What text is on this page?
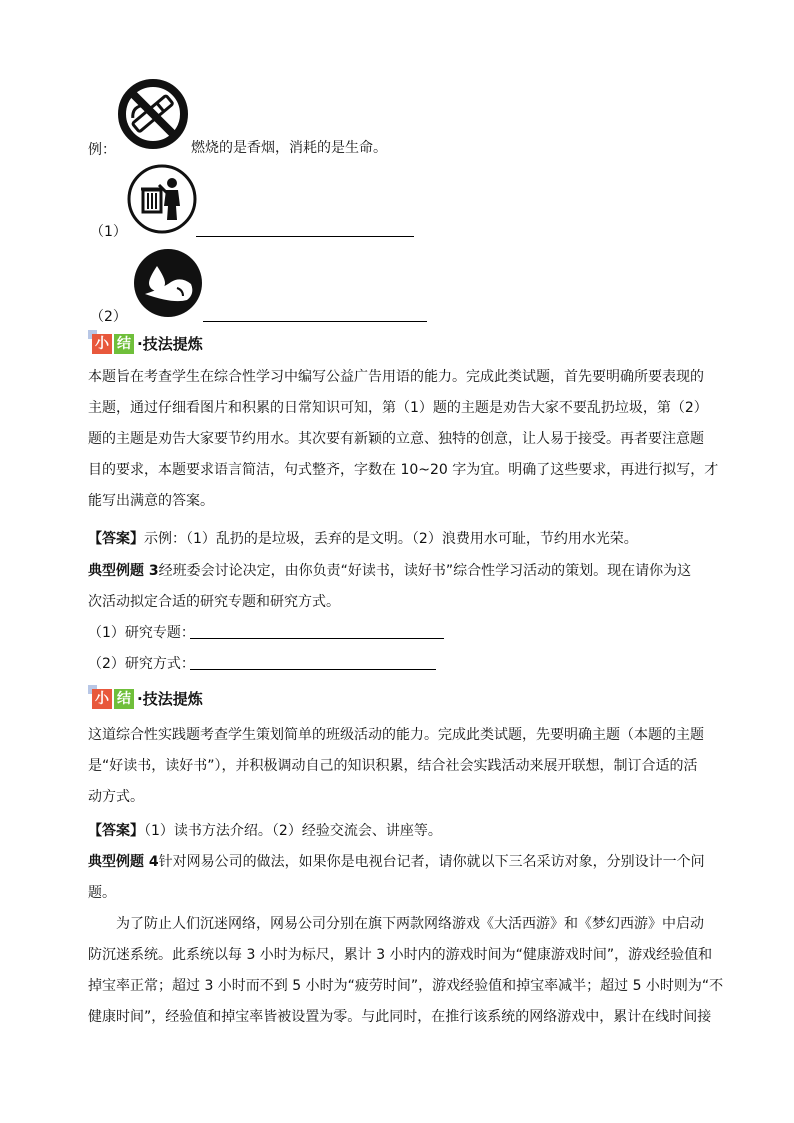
例：	燃烧的是香烟，消耗的是生命。
（1）
（2）
小 结 ·技法提炼
本题旨在考查学生在综合性学习中编写公益广告用语的能力。完成此类试题，首先要明确所要表现的
主题，通过仔细看图片和积累的日常知识可知，第（1）题的主题是劝告大家不要乱扔垃圾，第（2）
题的主题是劝告大家要节约用水。其次要有新颖的立意、独特的创意，让人易于接受。再者要注意题
目的要求，本题要求语言简洁，句式整齐，字数在 10~20 字为宜。明确了这些要求，再进行拟写，才
能写出满意的答案。
【答案】示例：（1）乱扔的是垃圾，丢弃的是文明。（2）浪费用水可耻，节约用水光荣。
典型例题 3经班委会讨论决定，由你负责“好读书，读好书”综合性学习活动的策划。现在请你为这
次活动拟定合适的研究专题和研究方式。
（1）研究专题：
（2）研究方式：
小 结 ·技法提炼
这道综合性实践题考查学生策划简单的班级活动的能力。完成此类试题，先要明确主题（本题的主题
是“好读书，读好书”），并积极调动自己的知识积累，结合社会实践活动来展开联想，制订合适的活
动方式。
【答案】（1）读书方法介绍。（2）经验交流会、讲座等。
典型例题 4针对网易公司的做法，如果你是电视台记者，请你就以下三名采访对象，分别设计一个问
题。
为了防止人们沉迷网络，网易公司分别在旗下两款网络游戏《大活西游》和《梦幻西游》中启动
防沉迷系统。此系统以每 3 小时为标尺，累计 3 小时内的游戏时间为“健康游戏时间”，游戏经验值和
掉宝率正常；超过 3 小时而不到 5 小时为“疲劳时间”，游戏经验值和掉宝率减半；超过 5 小时则为“不
健康时间”，经验值和掉宝率皆被设置为零。与此同时，在推行该系统的网络游戏中，累计在线时间接
